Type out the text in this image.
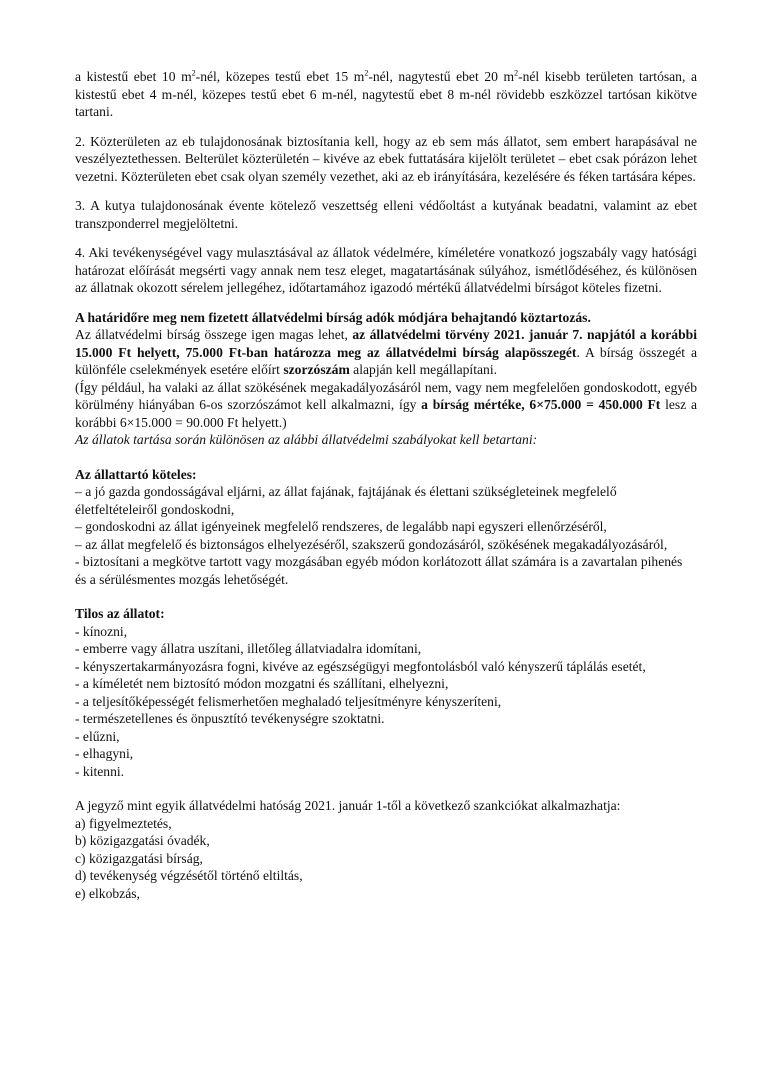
a kistestű ebet 10 $m^2$-nél, közepes testű ebet 15 $m^2$-nél, nagytestű ebet 20 $m^2$-nél kisebb területen tartósan, a kistestű ebet 4 m-nél, közepes testű ebet 6 m-nél, nagytestű ebet 8 m-nél rövidebb eszközzel tartósan kikötve tartani.

2. Közterületen az eb tulajdonosának biztosítania kell, hogy az eb sem más állatot, sem embert harapásával ne veszélyeztethessen. Belterület közterületén – kivéve az ebek futtatására kijelölt területet – ebet csak pórázon lehet vezetni. Közterületen ebet csak olyan személy vezethet, aki az eb irányítására, kezelésére és féken tartására képes.

3. A kutya tulajdonosának évente kötelező veszettség elleni védőoltást a kutyának beadatni, valamint az ebet transzponderrel megjelöltetni.

4. Aki tevékenységével vagy mulasztásával az állatok védelmére, kíméletére vonatkozó jogszabály vagy hatósági határozat előírását megsérti vagy annak nem tesz eleget, magatartásának súlyához, ismétlődéséhez, és különösen az állatnak okozott sérelem jellegéhez, időtartamához igazodó mértékű állatvédelmi bírságot köteles fizetni.

A határidőre meg nem fizetett állatvédelmi bírság adók módjára behajtandó köztartozás.

Az állatvédelmi bírság összege igen magas lehet, az állatvédelmi törvény 2021. január 7. napjától a korábbi 15.000 Ft helyett, 75.000 Ft-ban határozza meg az állatvédelmi bírság alapösszegét. A bírság összegét a különféle cselekmények esetére előírt szorzószám alapján kell megállapítani.

(Így például, ha valaki az állat szökésének megakadályozásáról nem, vagy nem megfelelően gondoskodott, egyéb körülmény hiányában 6-os szorzószámot kell alkalmazni, így a bírság mértéke, 6×75.000 = 450.000 Ft lesz a korábbi 6×15.000 = 90.000 Ft helyett.)

Az állatok tartása során különösen az alábbi állatvédelmi szabályokat kell betartani:

Az állattartó köteles:

– a jó gazda gondosságával eljárni, az állat fajának, fajtájának és élettani szükségleteinek megfelelő életfeltételeiről gondoskodni,

– gondoskodni az állat igényeinek megfelelő rendszeres, de legalább napi egyszeri ellenőrzéséről,

– az állat megfelelő és biztonságos elhelyezéséről, szakszerű gondozásáról, szökésének megakadályozásáról,

- biztosítani a megkötve tartott vagy mozgásában egyéb módon korlátozott állat számára is a zavartalan pihenés és a sérülésmentes mozgás lehetőségét.

Tilos az állatot:

- kínozni,

- emberre vagy állatra uszítani, illetőleg állatviadalra idomítani,

- kényszertakarmányozásra fogni, kivéve az egészségügyi megfontolásból való kényszerű táplálás esetét,

- a kíméletét nem biztosító módon mozgatni és szállítani, elhelyezni,

- a teljesítőképességét felismerhetően meghaladó teljesítményre kényszeríteni,

- természetellenes és önpusztító tevékenységre szoktatni.

- elűzni,

- elhagyni,

- kitenni.

A jegyző mint egyik állatvédelmi hatóság 2021. január 1-től a következő szankciókat alkalmazhatja:

a) figyelmeztetés,

b) közigazgatási óvadék,

c) közigazgatási bírság,

d) tevékenység végzésétől történő eltiltás,

e) elkobzás,
